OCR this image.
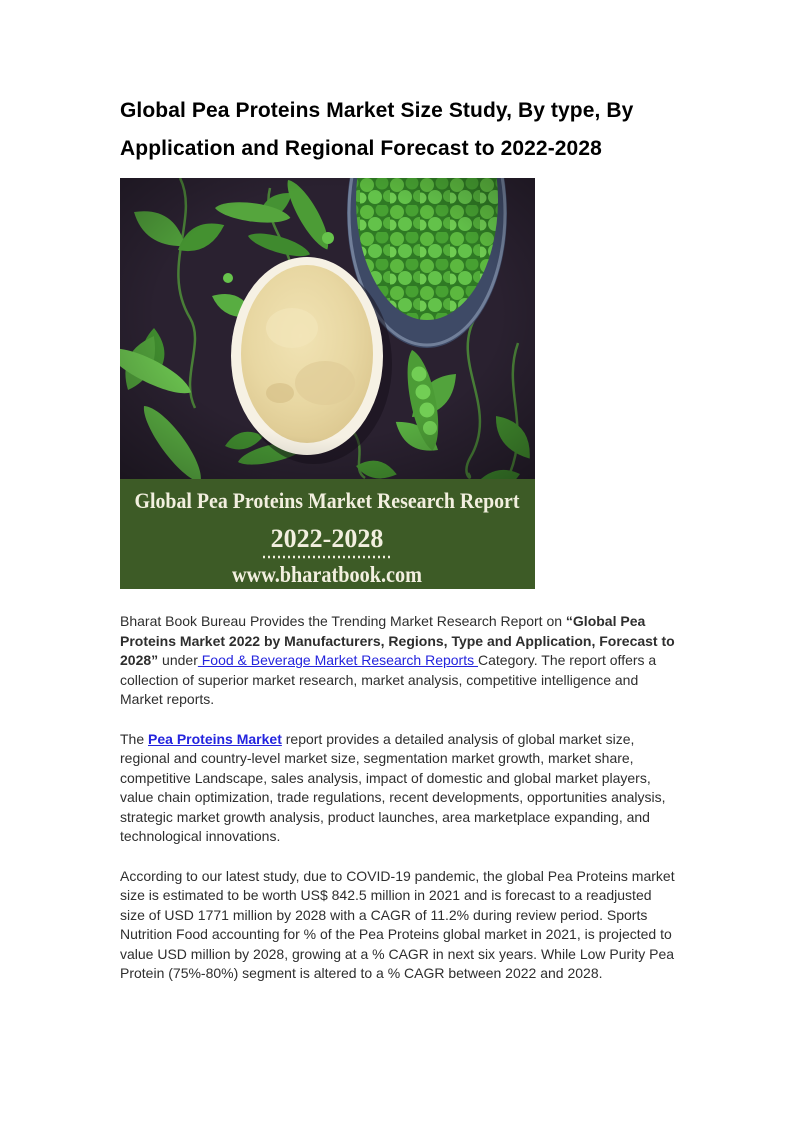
Global Pea Proteins Market Size Study, By type, By
Application and Regional Forecast to 2022-2028
Global Pea Proteins Market Research Report
2022-2028
www.bharatbook.com

Bharat Book Bureau Provides the Trending Market Research Report on “Global Pea Proteins Market 2022 by Manufacturers, Regions, Type and Application, Forecast to 2028” under Food & Beverage Market Research Reports Category. The report offers a collection of superior market research, market analysis, competitive intelligence and Market reports.

The Pea Proteins Market report provides a detailed analysis of global market size, regional and country-level market size, segmentation market growth, market share, competitive Landscape, sales analysis, impact of domestic and global market players, value chain optimization, trade regulations, recent developments, opportunities analysis, strategic market growth analysis, product launches, area marketplace expanding, and technological innovations.

According to our latest study, due to COVID-19 pandemic, the global Pea Proteins market size is estimated to be worth US$ 842.5 million in 2021 and is forecast to a readjusted size of USD 1771 million by 2028 with a CAGR of 11.2% during review period. Sports Nutrition Food accounting for % of the Pea Proteins global market in 2021, is projected to value USD million by 2028, growing at a % CAGR in next six years. While Low Purity Pea Protein (75%-80%) segment is altered to a % CAGR between 2022 and 2028.
